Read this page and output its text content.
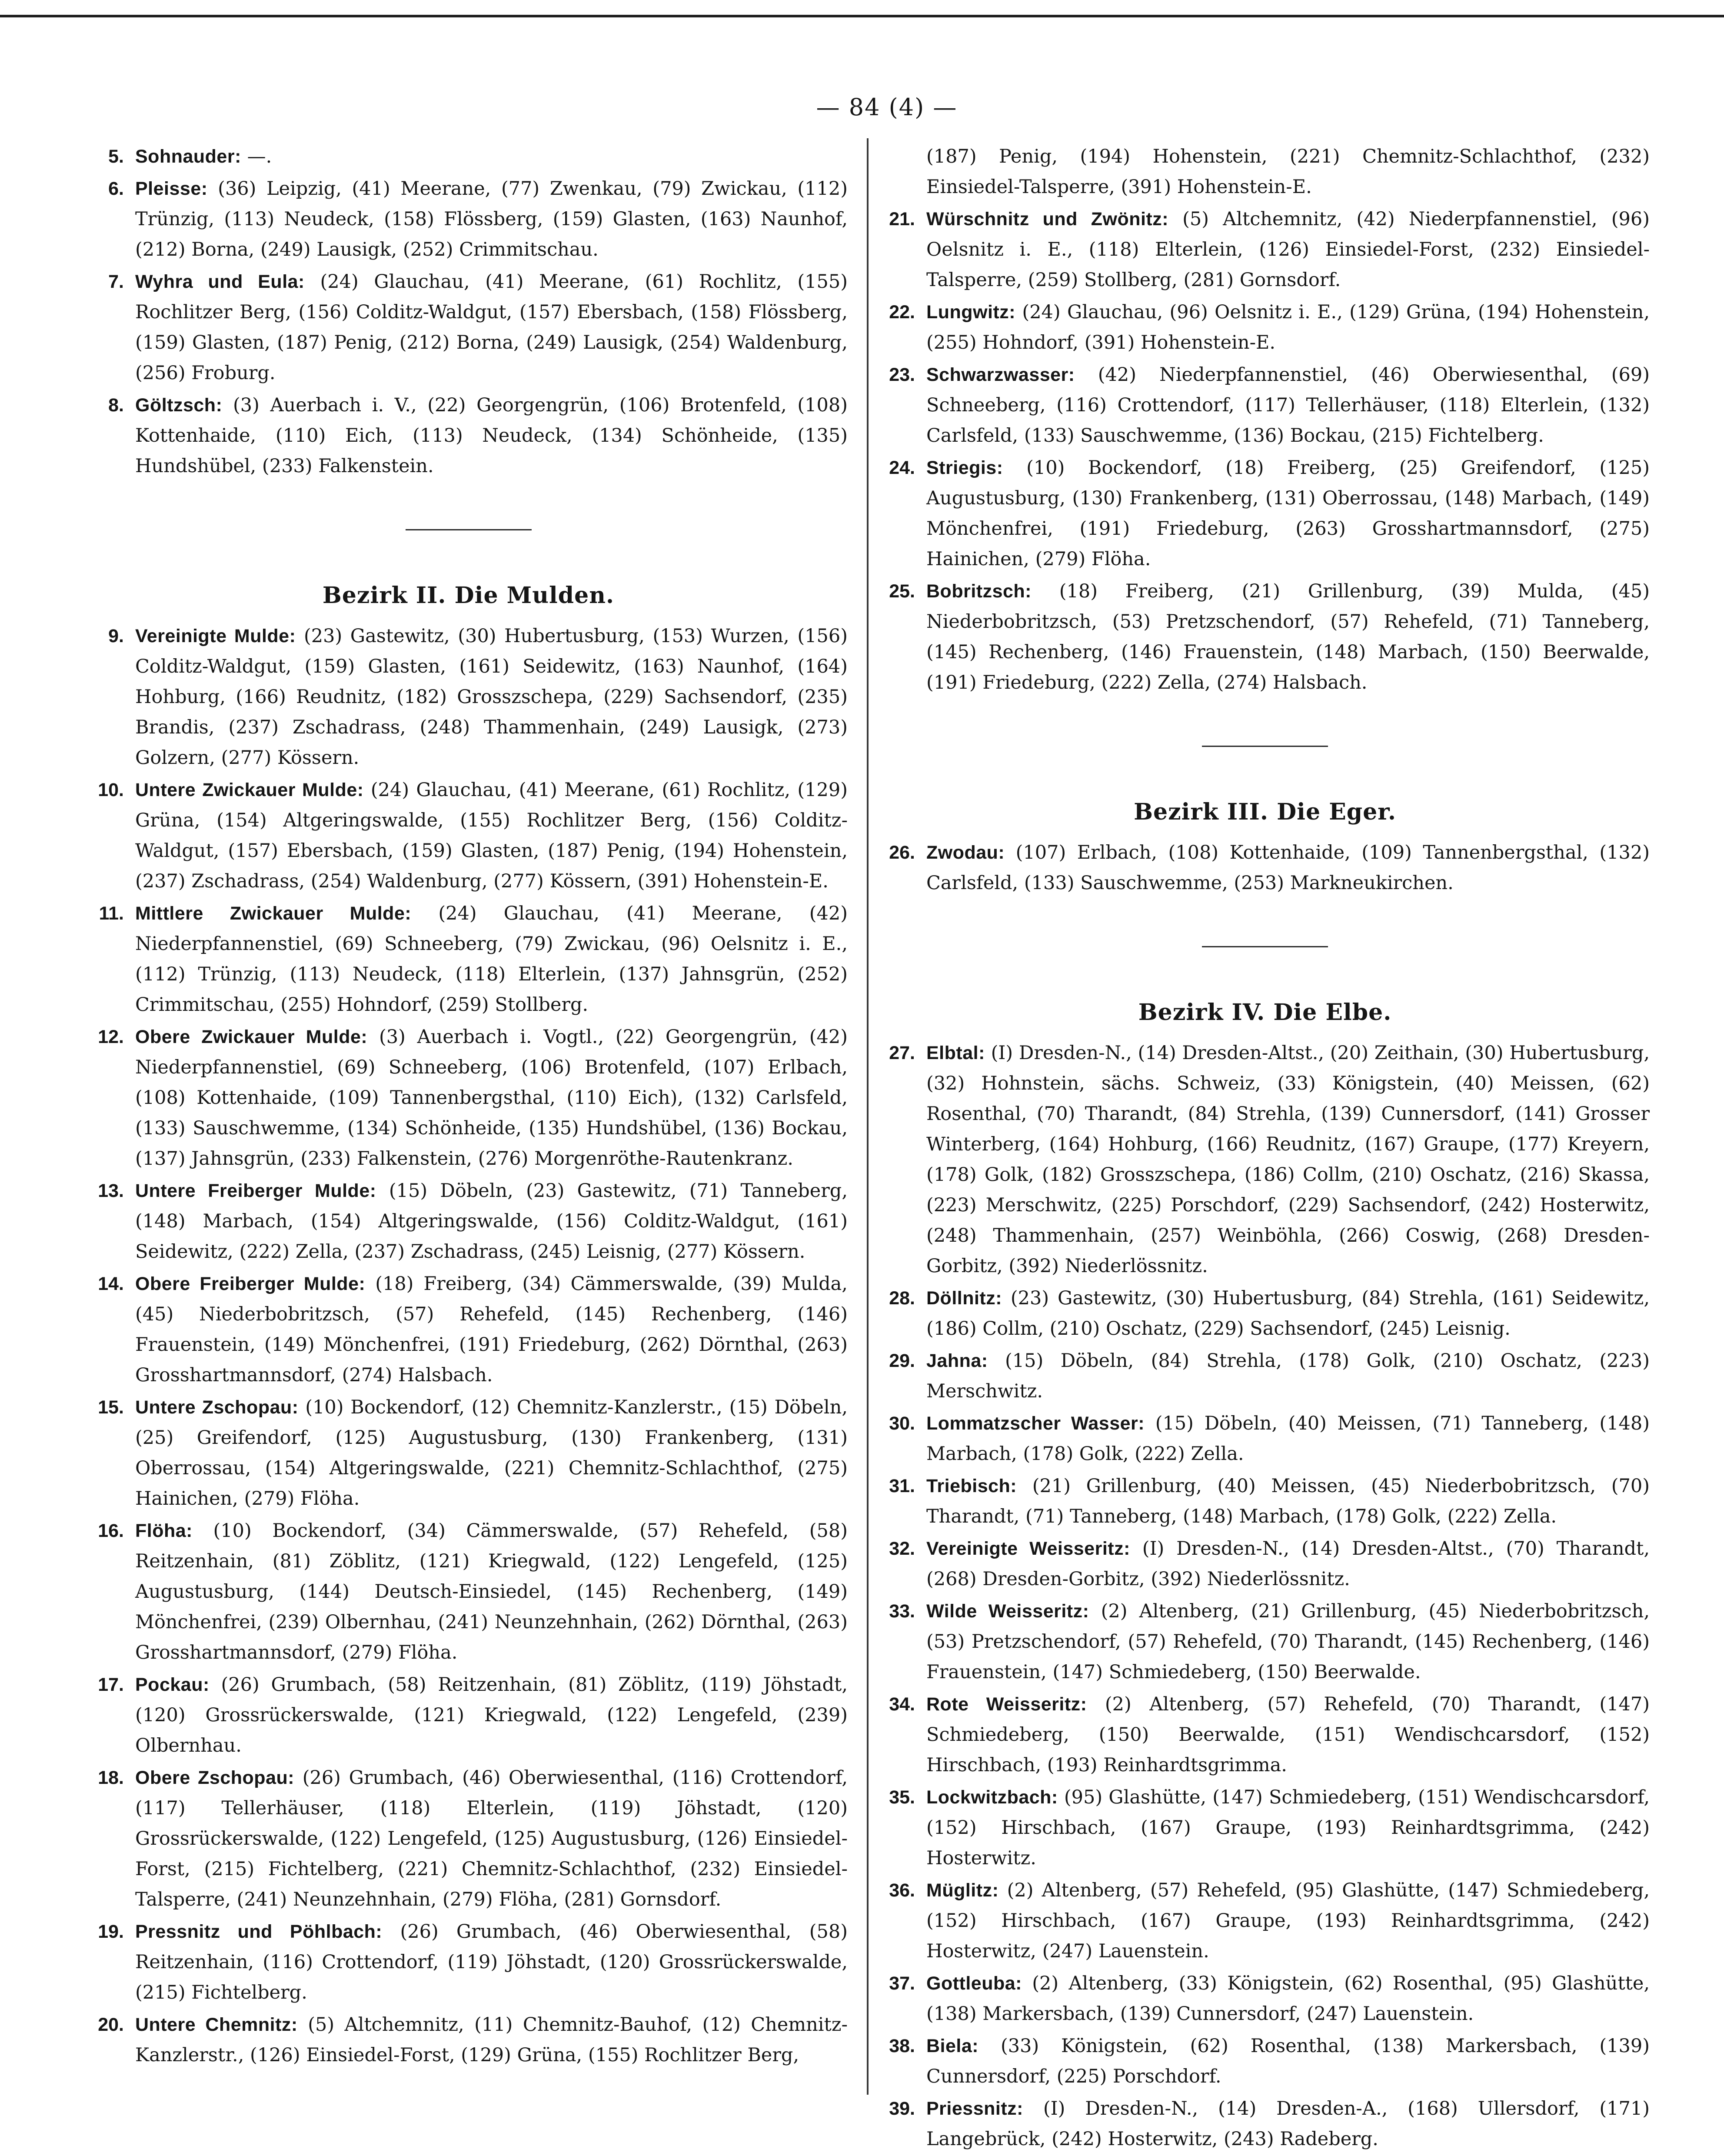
— 84 (4) —
5. Sohnauder: —.
6. Pleisse: (36) Leipzig, (41) Meerane, (77) Zwenkau, (79) Zwickau, (112) Trünzig, (113) Neudeck, (158) Flössberg, (159) Glasten, (163) Naunhof, (212) Borna, (249) Lausigk, (252) Crimmitschau.
7. Wyhra und Eula: (24) Glauchau, (41) Meerane, (61) Rochlitz, (155) Rochlitzer Berg, (156) Colditz-Waldgut, (157) Ebersbach, (158) Flössberg, (159) Glasten, (187) Penig, (212) Borna, (249) Lausigk, (254) Waldenburg, (256) Froburg.
8. Göltzsch: (3) Auerbach i. V., (22) Georgengrün, (106) Brotenfeld, (108) Kottenhaide, (110) Eich, (113) Neudeck, (134) Schönheide, (135) Hundshübel, (233) Falkenstein.
Bezirk II. Die Mulden.
9. Vereinigte Mulde: (23) Gastewitz, (30) Hubertusburg, (153) Wurzen, (156) Colditz-Waldgut, (159) Glasten, (161) Seidewitz, (163) Naunhof, (164) Hohburg, (166) Reudnitz, (182) Grosszschepa, (229) Sachsendorf, (235) Brandis, (237) Zschadrass, (248) Thammenhain, (249) Lausigk, (273) Golzern, (277) Kössern.
10. Untere Zwickauer Mulde: (24) Glauchau, (41) Meerane, (61) Rochlitz, (129) Grüna, (154) Altgeringswalde, (155) Rochlitzer Berg, (156) Colditz-Waldgut, (157) Ebersbach, (159) Glasten, (187) Penig, (194) Hohenstein, (237) Zschadrass, (254) Waldenburg, (277) Kössern, (391) Hohenstein-E.
11. Mittlere Zwickauer Mulde: (24) Glauchau, (41) Meerane, (42) Niederpfannenstiel, (69) Schneeberg, (79) Zwickau, (96) Oelsnitz i. E., (112) Trünzig, (113) Neudeck, (118) Elterlein, (137) Jahnsgrün, (252) Crimmitschau, (255) Hohndorf, (259) Stollberg.
12. Obere Zwickauer Mulde: (3) Auerbach i. Vogtl., (22) Georgengrün, (42) Niederpfannenstiel, (69) Schneeberg, (106) Brotenfeld, (107) Erlbach, (108) Kottenhaide, (109) Tannenbergsthal, (110) Eich), (132) Carlsfeld, (133) Sauschwemme, (134) Schönheide, (135) Hundshübel, (136) Bockau, (137) Jahnsgrün, (233) Falkenstein, (276) Morgenröthe-Rautenkranz.
13. Untere Freiberger Mulde: (15) Döbeln, (23) Gastewitz, (71) Tanneberg, (148) Marbach, (154) Altgeringswalde, (156) Colditz-Waldgut, (161) Seidewitz, (222) Zella, (237) Zschadrass, (245) Leisnig, (277) Kössern.
14. Obere Freiberger Mulde: (18) Freiberg, (34) Cämmerswalde, (39) Mulda, (45) Niederbobritzsch, (57) Rehefeld, (145) Rechenberg, (146) Frauenstein, (149) Mönchenfrei, (191) Friedeburg, (262) Dörnthal, (263) Grosshartmannsdorf, (274) Halsbach.
15. Untere Zschopau: (10) Bockendorf, (12) Chemnitz-Kanzlerstr., (15) Döbeln, (25) Greifendorf, (125) Augustusburg, (130) Frankenberg, (131) Oberrossau, (154) Altgeringswalde, (221) Chemnitz-Schlachthof, (275) Hainichen, (279) Flöha.
16. Flöha: (10) Bockendorf, (34) Cämmerswalde, (57) Rehefeld, (58) Reitzenhain, (81) Zöblitz, (121) Kriegwald, (122) Lengefeld, (125) Augustusburg, (144) Deutsch-Einsiedel, (145) Rechenberg, (149) Mönchenfrei, (239) Olbernhau, (241) Neunzehnhain, (262) Dörnthal, (263) Grosshartmannsdorf, (279) Flöha.
17. Pockau: (26) Grumbach, (58) Reitzenhain, (81) Zöblitz, (119) Jöhstadt, (120) Grossrückerswalde, (121) Kriegwald, (122) Lengefeld, (239) Olbernhau.
18. Obere Zschopau: (26) Grumbach, (46) Oberwiesenthal, (116) Crottendorf, (117) Tellerhäuser, (118) Elterlein, (119) Jöhstadt, (120) Grossrückerswalde, (122) Lengefeld, (125) Augustusburg, (126) Einsiedel-Forst, (215) Fichtelberg, (221) Chemnitz-Schlachthof, (232) Einsiedel-Talsperre, (241) Neunzehnhain, (279) Flöha, (281) Gornsdorf.
19. Pressnitz und Pöhlbach: (26) Grumbach, (46) Oberwiesenthal, (58) Reitzenhain, (116) Crottendorf, (119) Jöhstadt, (120) Grossrückerswalde, (215) Fichtelberg.
20. Untere Chemnitz: (5) Altchemnitz, (11) Chemnitz-Bauhof, (12) Chemnitz-Kanzlerstr., (126) Einsiedel-Forst, (129) Grüna, (155) Rochlitzer Berg,
(187) Penig, (194) Hohenstein, (221) Chemnitz-Schlachthof, (232) Einsiedel-Talsperre, (391) Hohenstein-E.
21. Würschnitz und Zwönitz: (5) Altchemnitz, (42) Niederpfannenstiel, (96) Oelsnitz i. E., (118) Elterlein, (126) Einsiedel-Forst, (232) Einsiedel-Talsperre, (259) Stollberg, (281) Gornsdorf.
22. Lungwitz: (24) Glauchau, (96) Oelsnitz i. E., (129) Grüna, (194) Hohenstein, (255) Hohndorf, (391) Hohenstein-E.
23. Schwarzwasser: (42) Niederpfannenstiel, (46) Oberwiesenthal, (69) Schneeberg, (116) Crottendorf, (117) Tellerhäuser, (118) Elterlein, (132) Carlsfeld, (133) Sauschwemme, (136) Bockau, (215) Fichtelberg.
24. Striegis: (10) Bockendorf, (18) Freiberg, (25) Greifendorf, (125) Augustusburg, (130) Frankenberg, (131) Oberrossau, (148) Marbach, (149) Mönchenfrei, (191) Friedeburg, (263) Grosshartmannsdorf, (275) Hainichen, (279) Flöha.
25. Bobritzsch: (18) Freiberg, (21) Grillenburg, (39) Mulda, (45) Niederbobritzsch, (53) Pretzschendorf, (57) Rehefeld, (71) Tanneberg, (145) Rechenberg, (146) Frauenstein, (148) Marbach, (150) Beerwalde, (191) Friedeburg, (222) Zella, (274) Halsbach.
Bezirk III. Die Eger.
26. Zwodau: (107) Erlbach, (108) Kottenhaide, (109) Tannenbergsthal, (132) Carlsfeld, (133) Sauschwemme, (253) Markneukirchen.
Bezirk IV. Die Elbe.
27. Elbtal: (I) Dresden-N., (14) Dresden-Altst., (20) Zeithain, (30) Hubertusburg, (32) Hohnstein, sächs. Schweiz, (33) Königstein, (40) Meissen, (62) Rosenthal, (70) Tharandt, (84) Strehla, (139) Cunnersdorf, (141) Grosser Winterberg, (164) Hohburg, (166) Reudnitz, (167) Graupe, (177) Kreyern, (178) Golk, (182) Grosszschepa, (186) Collm, (210) Oschatz, (216) Skassa, (223) Merschwitz, (225) Porschdorf, (229) Sachsendorf, (242) Hosterwitz, (248) Thammenhain, (257) Weinböhla, (266) Coswig, (268) Dresden-Gorbitz, (392) Niederlössnitz.
28. Döllnitz: (23) Gastewitz, (30) Hubertusburg, (84) Strehla, (161) Seidewitz, (186) Collm, (210) Oschatz, (229) Sachsendorf, (245) Leisnig.
29. Jahna: (15) Döbeln, (84) Strehla, (178) Golk, (210) Oschatz, (223) Merschwitz.
30. Lommatzscher Wasser: (15) Döbeln, (40) Meissen, (71) Tanneberg, (148) Marbach, (178) Golk, (222) Zella.
31. Triebisch: (21) Grillenburg, (40) Meissen, (45) Niederbobritzsch, (70) Tharandt, (71) Tanneberg, (148) Marbach, (178) Golk, (222) Zella.
32. Vereinigte Weisseritz: (I) Dresden-N., (14) Dresden-Altst., (70) Tharandt, (268) Dresden-Gorbitz, (392) Niederlössnitz.
33. Wilde Weisseritz: (2) Altenberg, (21) Grillenburg, (45) Niederbobritzsch, (53) Pretzschendorf, (57) Rehefeld, (70) Tharandt, (145) Rechenberg, (146) Frauenstein, (147) Schmiedeberg, (150) Beerwalde.
34. Rote Weisseritz: (2) Altenberg, (57) Rehefeld, (70) Tharandt, (147) Schmiedeberg, (150) Beerwalde, (151) Wendischcarsdorf, (152) Hirschbach, (193) Reinhardtsgrimma.
35. Lockwitzbach: (95) Glashütte, (147) Schmiedeberg, (151) Wendischcarsdorf, (152) Hirschbach, (167) Graupe, (193) Reinhardtsgrimma, (242) Hosterwitz.
36. Müglitz: (2) Altenberg, (57) Rehefeld, (95) Glashütte, (147) Schmiedeberg, (152) Hirschbach, (167) Graupe, (193) Reinhardtsgrimma, (242) Hosterwitz, (247) Lauenstein.
37. Gottleuba: (2) Altenberg, (33) Königstein, (62) Rosenthal, (95) Glashütte, (138) Markersbach, (139) Cunnersdorf, (247) Lauenstein.
38. Biela: (33) Königstein, (62) Rosenthal, (138) Markersbach, (139) Cunnersdorf, (225) Porschdorf.
39. Priessnitz: (I) Dresden-N., (14) Dresden-A., (168) Ullersdorf, (171) Langebrück, (242) Hosterwitz, (243) Radeberg.
